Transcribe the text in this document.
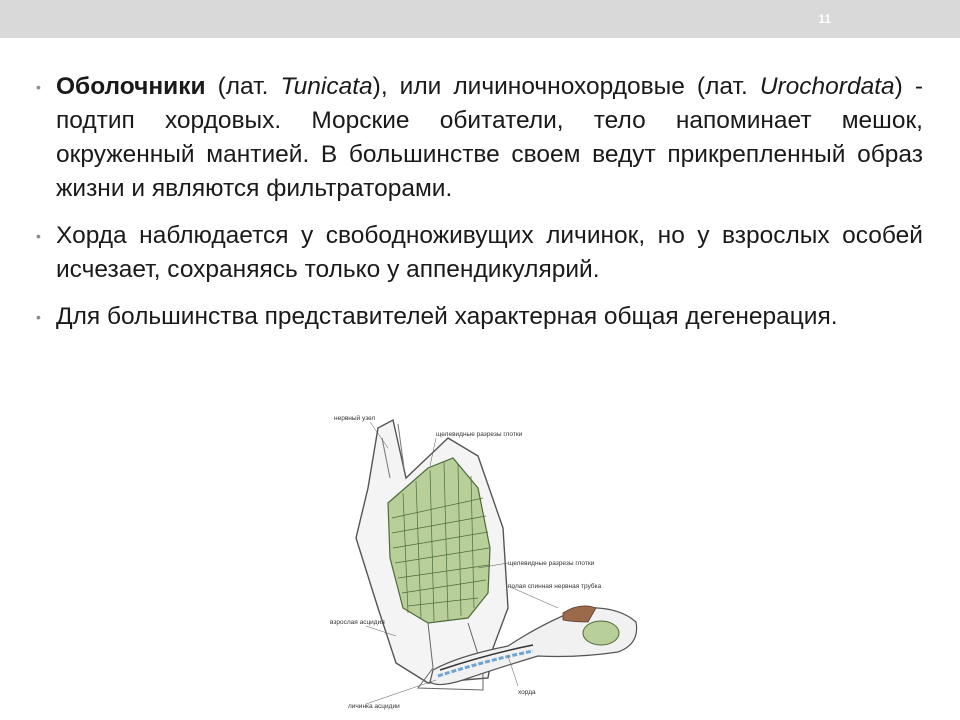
11
• Оболочники (лат. Tunicata), или личиночнохордовые (лат. Urochordata) - подтип хордовых. Морские обитатели, тело напоминает мешок, окруженный мантией. В большинстве своем ведут прикрепленный образ жизни и являются фильтраторами.
• Хорда наблюдается у свободноживущих личинок, но у взрослых особей исчезает, сохраняясь только у аппендикулярий.
• Для большинства представителей характерная общая дегенерация.
нервный узел
щелевидные разрезы глотки
щелевидные разрезы глотки
полая спинная нервная трубка
взрослая асцидия
хорда
личинка асцидии
